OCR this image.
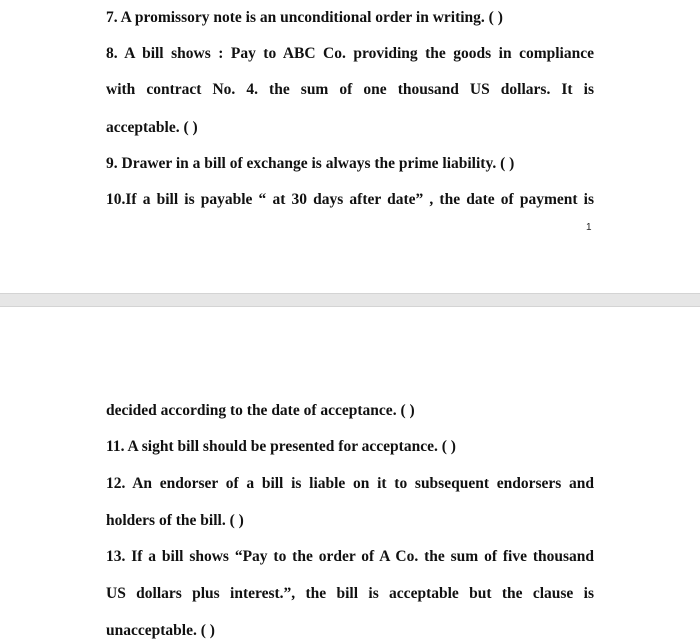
7. A promissory note is an unconditional order in writing. ( )
8. A bill shows : Pay to ABC Co. providing the goods in compliance
with contract No. 4. the sum of one thousand US dollars. It is
acceptable. ( )
9. Drawer in a bill of exchange is always the prime liability. ( )
10.If a bill is payable “ at 30 days after date” , the date of payment is
1
decided according to the date of acceptance. ( )
11. A sight bill should be presented for acceptance. ( )
12. An endorser of a bill is liable on it to subsequent endorsers and
holders of the bill. ( )
13. If a bill shows “Pay to the order of A Co. the sum of five thousand
US dollars plus interest.”, the bill is acceptable but the clause is
unacceptable. ( )
